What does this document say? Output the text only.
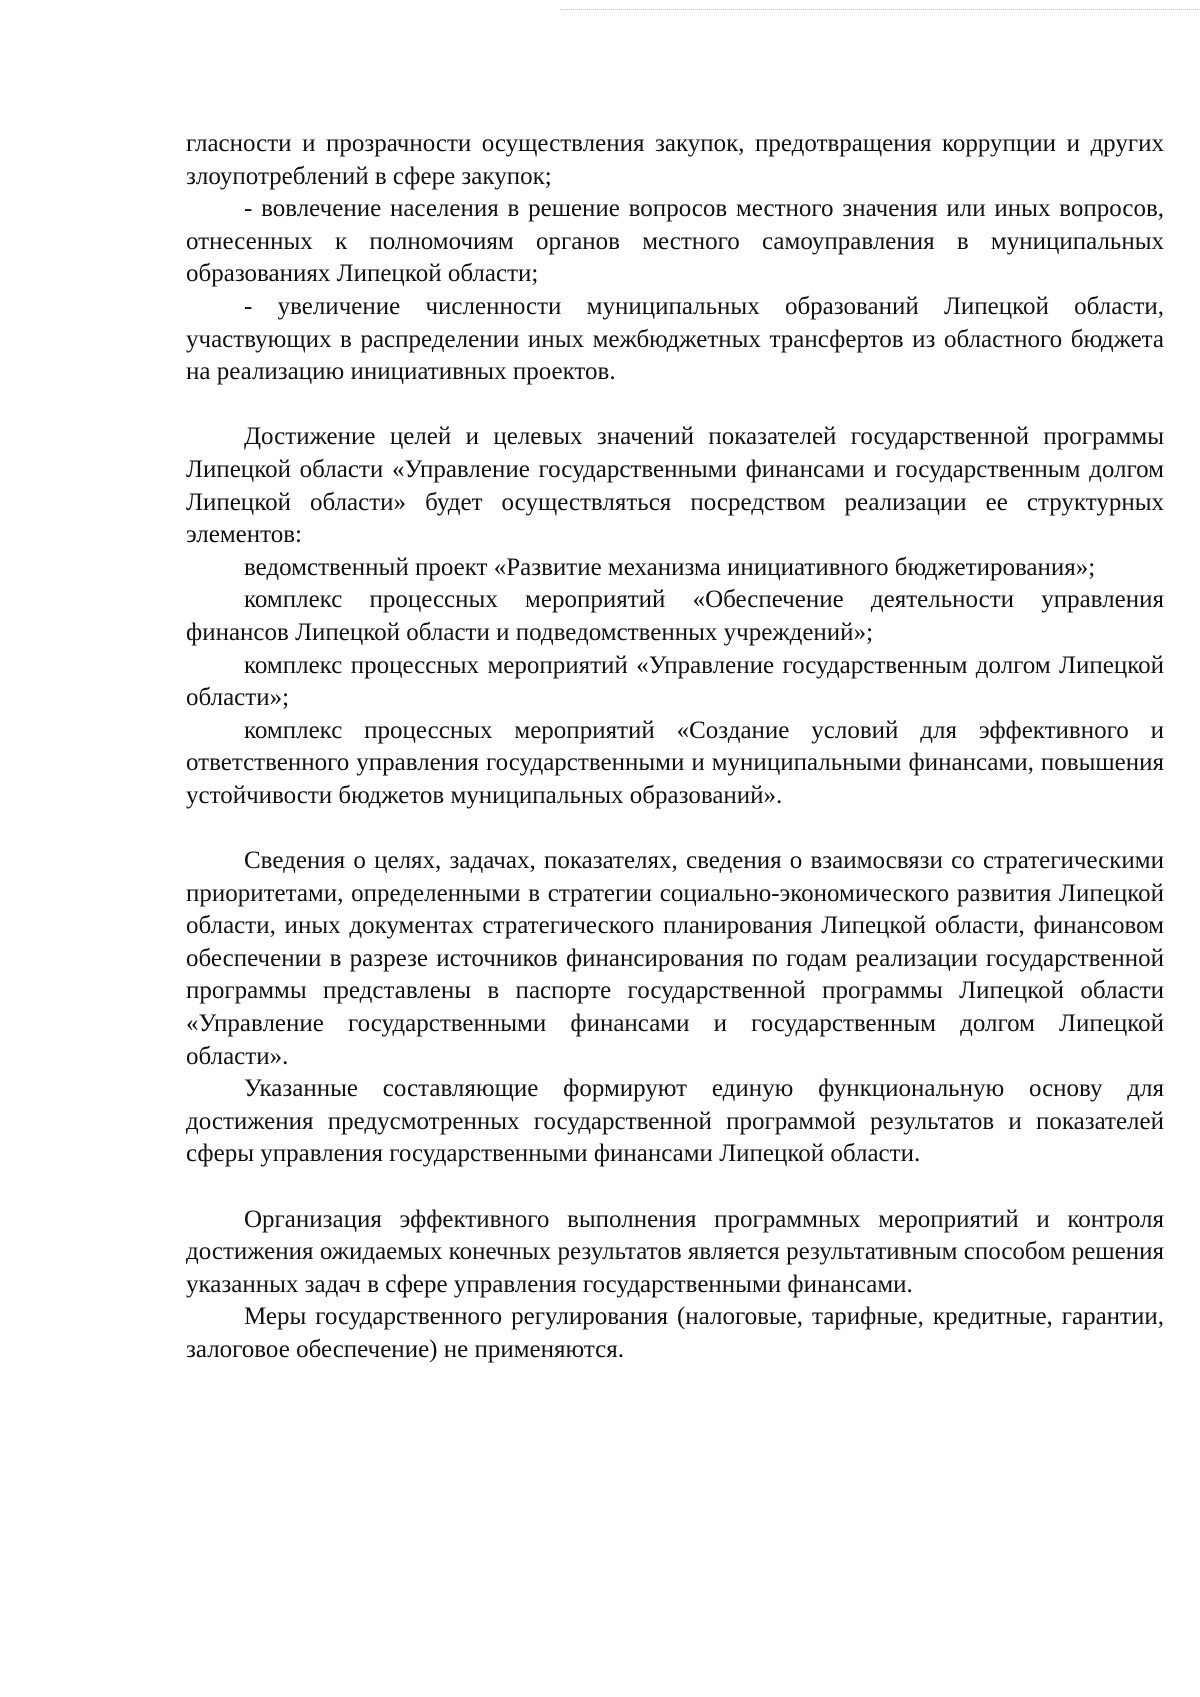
гласности и прозрачности осуществления закупок, предотвращения коррупции и других злоупотреблений в сфере закупок;

- вовлечение населения в решение вопросов местного значения или иных вопросов, отнесенных к полномочиям органов местного самоуправления в муниципальных образованиях Липецкой области;

- увеличение численности муниципальных образований Липецкой области, участвующих в распределении иных межбюджетных трансфертов из областного бюджета на реализацию инициативных проектов.

Достижение целей и целевых значений показателей государственной программы Липецкой области «Управление государственными финансами и государственным долгом Липецкой области» будет осуществляться посредством реализации ее структурных элементов:

ведомственный проект «Развитие механизма инициативного бюджетирования»;

комплекс процессных мероприятий «Обеспечение деятельности управления финансов Липецкой области и подведомственных учреждений»;

комплекс процессных мероприятий «Управление государственным долгом Липецкой области»;

комплекс процессных мероприятий «Создание условий для эффективного и ответственного управления государственными и муниципальными финансами, повышения устойчивости бюджетов муниципальных образований».

Сведения о целях, задачах, показателях, сведения о взаимосвязи со стратегическими приоритетами, определенными в стратегии социально-экономического развития Липецкой области, иных документах стратегического планирования Липецкой области, финансовом обеспечении в разрезе источников финансирования по годам реализации государственной программы представлены в паспорте государственной программы Липецкой области «Управление государственными финансами и государственным долгом Липецкой области».

Указанные составляющие формируют единую функциональную основу для достижения предусмотренных государственной программой результатов и показателей сферы управления государственными финансами Липецкой области.

Организация эффективного выполнения программных мероприятий и контроля достижения ожидаемых конечных результатов является результативным способом решения указанных задач в сфере управления государственными финансами.

Меры государственного регулирования (налоговые, тарифные, кредитные, гарантии, залоговое обеспечение) не применяются.
